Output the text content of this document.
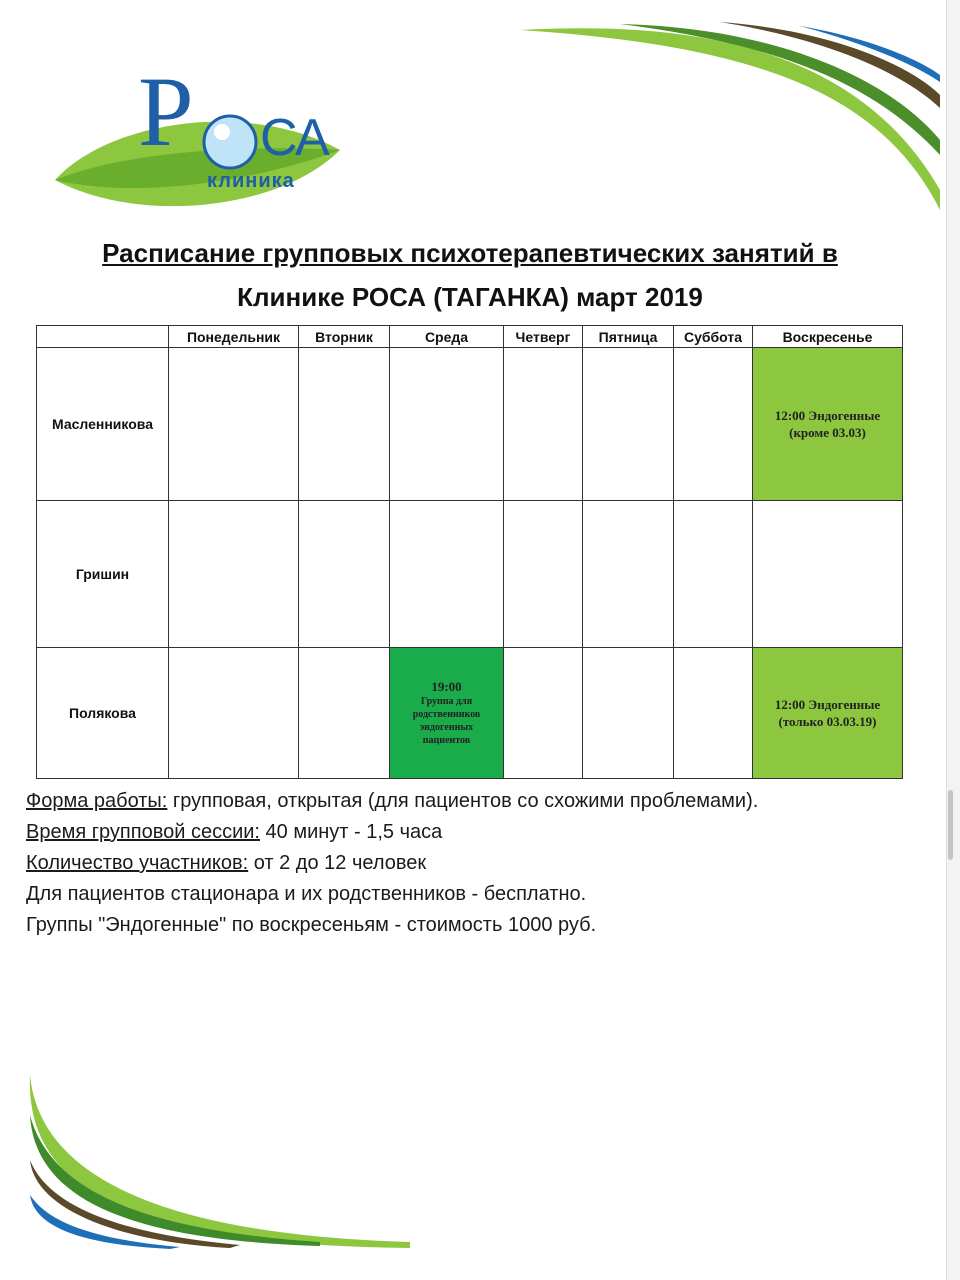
Р С
А
клиника
Расписание групповых психотерапевтических занятий в
Клинике РОСА (ТАГАНКА) март 2019
	Понедельник	Вторник	Среда	Четверг	Пятница	Суббота	Воскресенье
Масленникова							12:00 Эндогенные (кроме 03.03)

Гришин							
Полякова			19:00
Группа для родственников эндогенных пациентов				12:00 Эндогенные (только 03.03.19)

Форма работы: групповая, открытая (для пациентов со схожими проблемами).

Время групповой сессии: 40 минут - 1,5 часа

Количество участников: от 2 до 12 человек

Для пациентов стационара и их родственников - бесплатно.

Группы "Эндогенные" по воскресеньям - стоимость 1000 руб.
